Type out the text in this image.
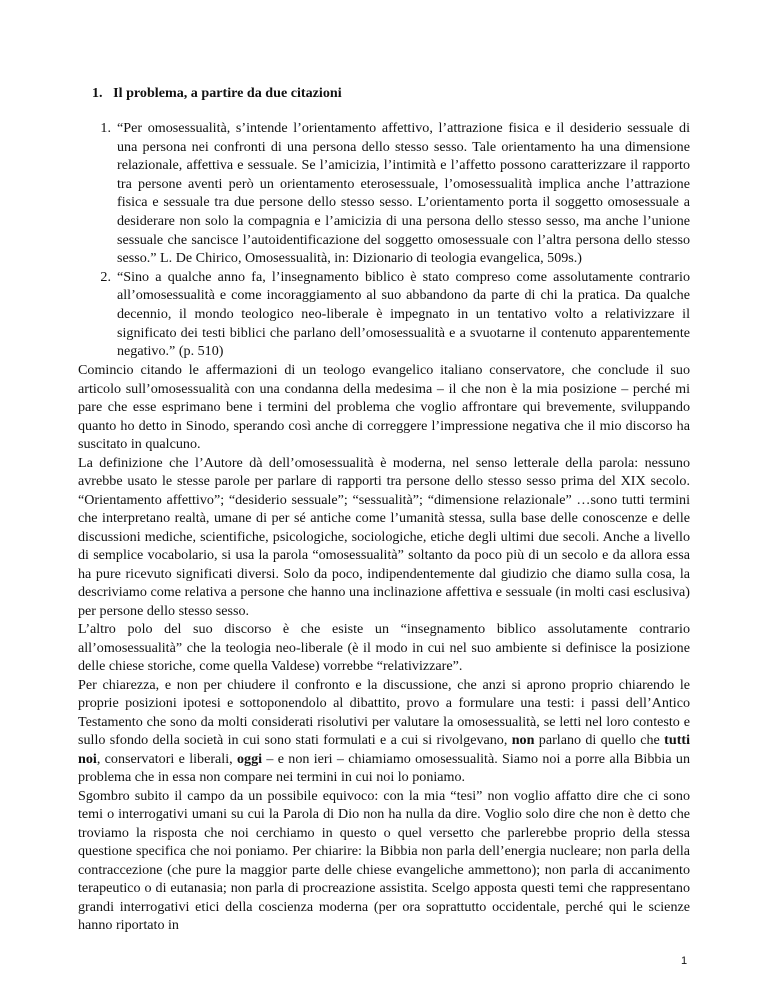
1.   Il problema, a partire da due citazioni
1. “Per omosessualità, s’intende l’orientamento affettivo, l’attrazione fisica e il desiderio sessuale di una persona nei confronti di una persona dello stesso sesso. Tale orientamento ha una dimensione relazionale, affettiva e sessuale. Se l’amicizia, l’intimità e l’affetto possono caratterizzare il rapporto tra persone aventi però un orientamento eterosessuale, l’omosessualità implica anche l’attrazione fisica e sessuale tra due persone dello stesso sesso. L’orientamento porta il soggetto omosessuale a desiderare non solo la compagnia e l’amicizia di una persona dello stesso sesso, ma anche l’unione sessuale che sancisce l’autoidentificazione del soggetto omosessuale con l’altra persona dello stesso sesso.” L. De Chirico, Omosessualità, in: Dizionario di teologia evangelica, 509s.)
2. “Sino a qualche anno fa, l’insegnamento biblico è stato compreso come assolutamente contrario all’omosessualità e come incoraggiamento al suo abbandono da parte di chi la pratica. Da qualche decennio, il mondo teologico neo-liberale è impegnato in un tentativo volto a relativizzare il significato dei testi biblici che parlano dell’omosessualità e a svuotarne il contenuto apparentemente negativo.” (p. 510)

Comincio citando le affermazioni di un teologo evangelico italiano conservatore, che conclude il suo articolo sull’omosessualità con una condanna della medesima – il che non è la mia posizione – perché mi pare che esse esprimano bene i termini del problema che voglio affrontare qui brevemente, sviluppando quanto ho detto in Sinodo, sperando così anche di correggere l’impressione negativa che il mio discorso ha suscitato in qualcuno.

La definizione che l’Autore dà dell’omosessualità è moderna, nel senso letterale della parola: nessuno avrebbe usato le stesse parole per parlare di rapporti tra persone dello stesso sesso prima del XIX secolo. “Orientamento affettivo”; “desiderio sessuale”; “sessualità”; “dimensione relazionale” …sono tutti termini che interpretano realtà, umane di per sé antiche come l’umanità stessa, sulla base delle conoscenze e delle discussioni mediche, scientifiche, psicologiche, sociologiche, etiche degli ultimi due secoli. Anche a livello di semplice vocabolario, si usa la parola “omosessualità” soltanto da poco più di un secolo e da allora essa ha pure ricevuto significati diversi. Solo da poco, indipendentemente dal giudizio che diamo sulla cosa, la descriviamo come relativa a persone che hanno una inclinazione affettiva e sessuale (in molti casi esclusiva) per persone dello stesso sesso.

L’altro polo del suo discorso è che esiste un “insegnamento biblico assolutamente contrario all’omosessualità” che la teologia neo-liberale (è il modo in cui nel suo ambiente si definisce la posizione delle chiese storiche, come quella Valdese) vorrebbe “relativizzare”.

Per chiarezza, e non per chiudere il confronto e la discussione, che anzi si aprono proprio chiarendo le proprie posizioni ipotesi e sottoponendolo al dibattito, provo a formulare una testi: i passi dell’Antico Testamento che sono da molti considerati risolutivi per valutare la omosessualità, se letti nel loro contesto e sullo sfondo della società in cui sono stati formulati e a cui si rivolgevano, non parlano di quello che tutti noi, conservatori e liberali, oggi – e non ieri – chiamiamo omosessualità. Siamo noi a porre alla Bibbia un problema che in essa non compare nei termini in cui noi lo poniamo.

Sgombro subito il campo da un possibile equivoco: con la mia “tesi” non voglio affatto dire che ci sono temi o interrogativi umani su cui la Parola di Dio non ha nulla da dire. Voglio solo dire che non è detto che troviamo la risposta che noi cerchiamo in questo o quel versetto che parlerebbe proprio della stessa questione specifica che noi poniamo. Per chiarire: la Bibbia non parla dell’energia nucleare; non parla della contraccezione (che pure la maggior parte delle chiese evangeliche ammettono); non parla di accanimento terapeutico o di eutanasia; non parla di procreazione assistita. Scelgo apposta questi temi che rappresentano grandi interrogativi etici della coscienza moderna (per ora soprattutto occidentale, perché qui le scienze hanno riportato in

1
